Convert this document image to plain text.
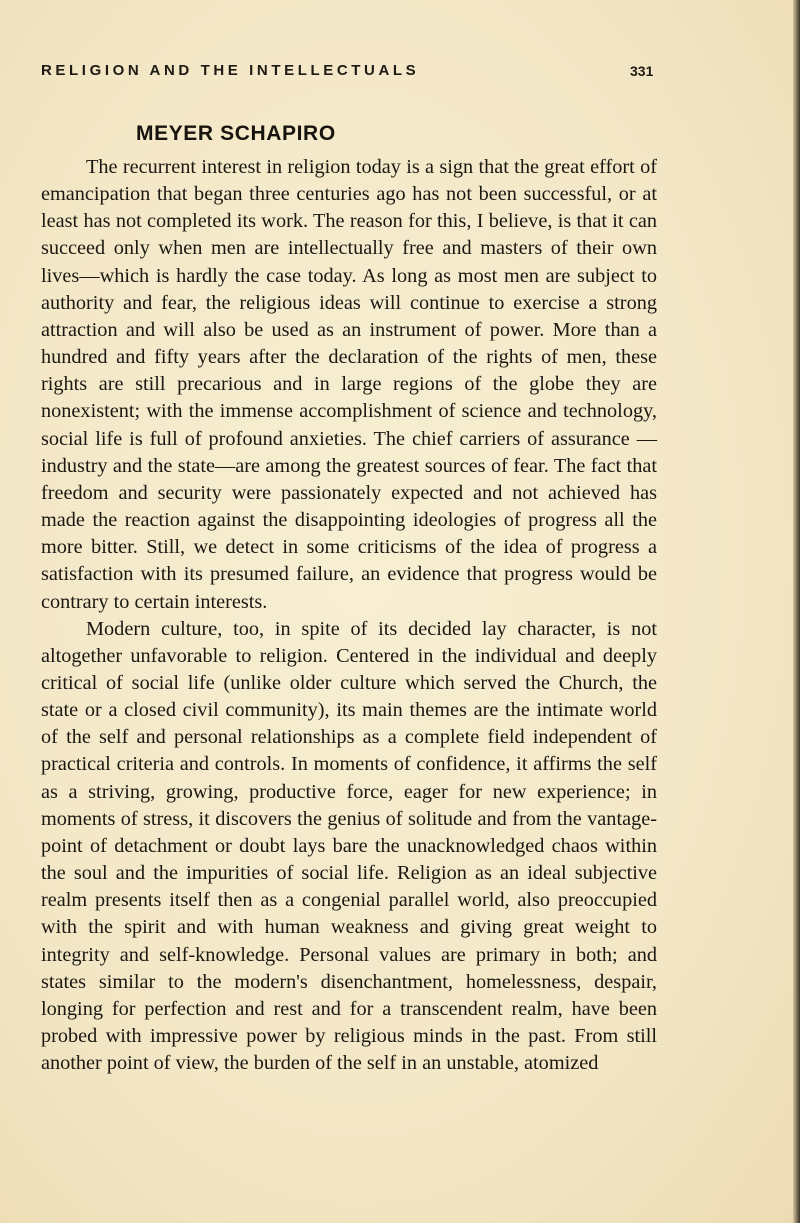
RELIGION AND THE INTELLECTUALS	331
MEYER SCHAPIRO

The recurrent interest in religion today is a sign that the great effort of emancipation that began three centuries ago has not been successful, or at least has not completed its work. The reason for this, I believe, is that it can succeed only when men are intellectually free and masters of their own lives—which is hardly the case today. As long as most men are subject to authority and fear, the religious ideas will continue to exercise a strong attraction and will also be used as an instrument of power. More than a hundred and fifty years after the declaration of the rights of men, these rights are still precarious and in large regions of the globe they are nonexistent; with the immense accomplishment of science and technology, social life is full of profound anxieties. The chief carriers of assurance —industry and the state—are among the greatest sources of fear. The fact that freedom and security were passionately expected and not achieved has made the reaction against the disappointing ideologies of progress all the more bitter. Still, we detect in some criticisms of the idea of progress a satisfaction with its presumed failure, an evidence that progress would be contrary to certain interests.

Modern culture, too, in spite of its decided lay character, is not altogether unfavorable to religion. Centered in the individual and deeply critical of social life (unlike older culture which served the Church, the state or a closed civil community), its main themes are the intimate world of the self and personal relationships as a complete field independent of practical criteria and controls. In moments of confidence, it affirms the self as a striving, growing, productive force, eager for new experience; in moments of stress, it discovers the genius of solitude and from the vantage-point of detachment or doubt lays bare the unacknowledged chaos within the soul and the impurities of social life. Religion as an ideal subjective realm presents itself then as a congenial parallel world, also preoccupied with the spirit and with human weakness and giving great weight to integrity and self-knowledge. Personal values are primary in both; and states similar to the modern's disenchantment, homelessness, despair, longing for perfection and rest and for a transcendent realm, have been probed with impressive power by religious minds in the past. From still another point of view, the burden of the self in an unstable, atomized
